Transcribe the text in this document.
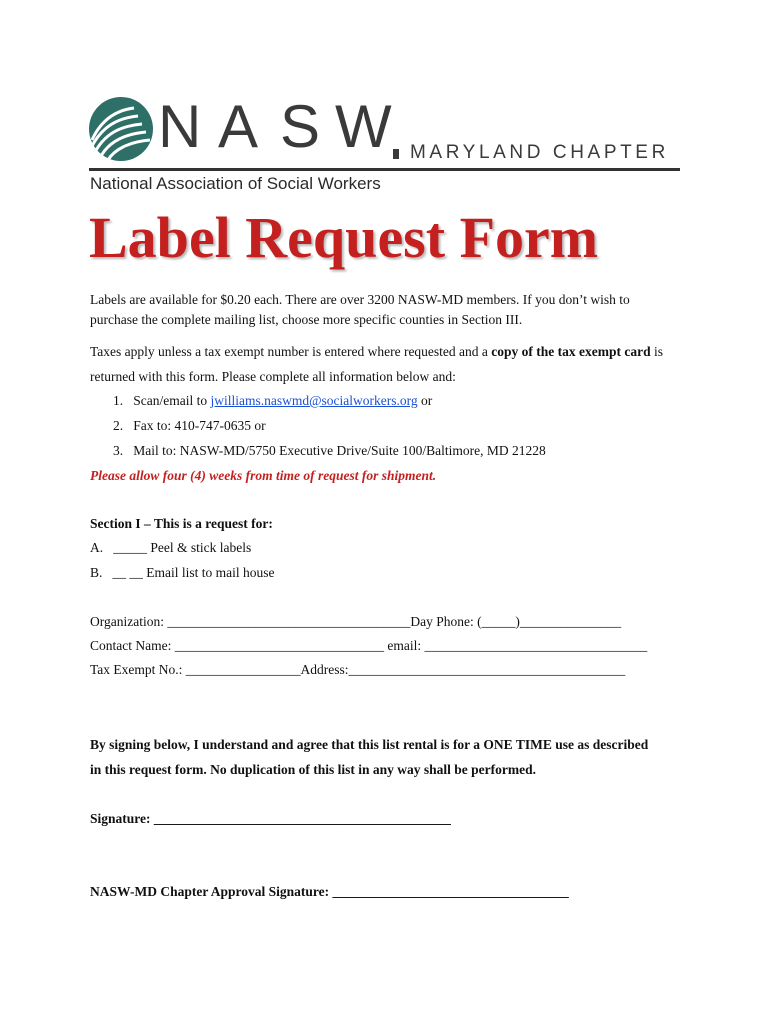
N A S W MARYLAND CHAPTER
National Association of Social Workers
Label Request Form
Labels are available for $0.20 each. There are over 3200 NASW-MD members. If you don’t wish to
purchase the complete mailing list, choose more specific counties in Section III.
Taxes apply unless a tax exempt number is entered where requested and a copy of the tax exempt card is
returned with this form. Please complete all information below and:
1. Scan/email to jwilliams.naswmd@socialworkers.org or
2. Fax to: 410-747-0635 or
3. Mail to: NASW-MD/5750 Executive Drive/Suite 100/Baltimore, MD 21228
Please allow four (4) weeks from time of request for shipment.
Section I – This is a request for:
A.   _____ Peel & stick labels
B.   __ __ Email list to mail house
Organization: ____________________________________Day Phone: (_____)_______________
Contact Name: _______________________________ email: _________________________________
Tax Exempt No.: _________________Address:_________________________________________
By signing below, I understand and agree that this list rental is for a ONE TIME use as described
in this request form. No duplication of this list in any way shall be performed.
Signature: ____________________________________________
NASW-MD Chapter Approval Signature: ___________________________________
